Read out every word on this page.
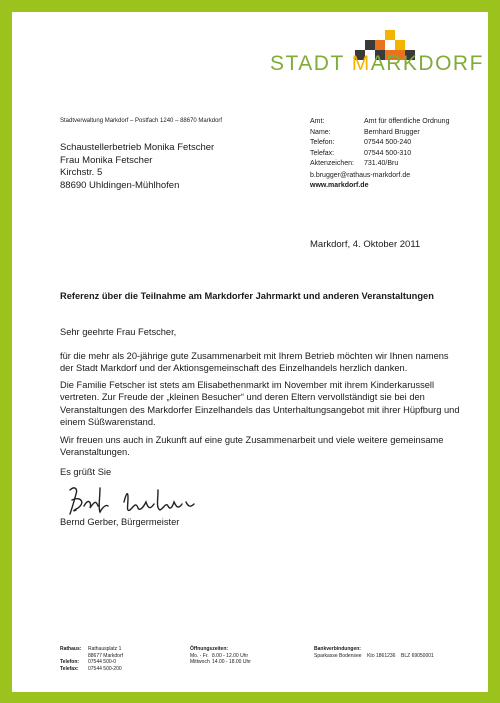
STADT MARKDORF
Stadtverwaltung Markdorf – Postfach 1240 – 88670 Markdorf
Schaustellerbetrieb Monika Fetscher
Frau Monika Fetscher
Kirchstr. 5
88690 Uhldingen-Mühlhofen
Amt:	Amt für öffentliche Ordnung
Name:	Bernhard Brugger
Telefon:	07544 500-240
Telefax:	07544 500-310
Aktenzeichen:	731.40/Bru
b.brugger@rathaus-markdorf.de
www.markdorf.de
Markdorf, 4. Oktober 2011
Referenz über die Teilnahme am Markdorfer Jahrmarkt und anderen Veranstaltungen
Sehr geehrte Frau Fetscher,
für die mehr als 20-jährige gute Zusammenarbeit mit Ihrem Betrieb möchten wir Ihnen namens der Stadt Markdorf und der Aktionsgemeinschaft des Einzelhandels herzlich danken.
Die Familie Fetscher ist stets am Elisabethenmarkt im November mit ihrem Kinderkarussell vertreten. Zur Freude der „kleinen Besucher“ und deren Eltern vervollständigt sie bei den Veranstaltungen des Markdorfer Einzelhandels das Unterhaltungsangebot mit ihrer Hüpfburg und einem Süßwarenstand.
Wir freuen uns auch in Zukunft auf eine gute Zusammenarbeit und viele weitere gemeinsame Veranstaltungen.
Es grüßt Sie
Bernd Gerber, Bürgermeister
Rathaus:	Rathausplatz 1
88677 Markdorf
Telefon:	07544 500-0
Telefax:	07544 500-200
Öffnungszeiten:
Mo. - Fr. 8.00 - 12.00 Uhr
Mittwoch 14.00 - 18.00 Uhr
Bankverbindungen:
Sparkasse Bodensee    Kto 1861236    BLZ 69050001
